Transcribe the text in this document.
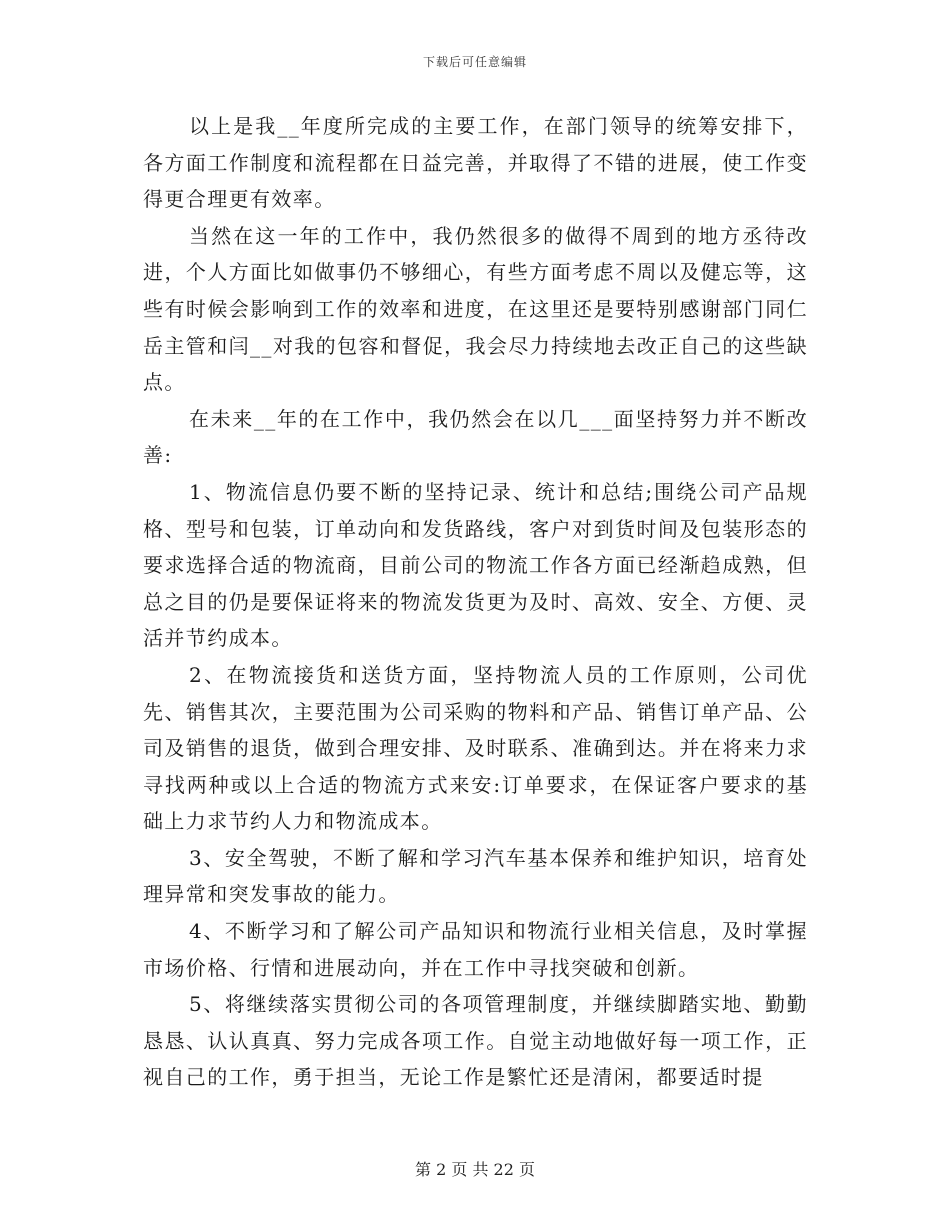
下载后可任意编辑

以上是我__年度所完成的主要工作，在部门领导的统筹安排下，各方面工作制度和流程都在日益完善，并取得了不错的进展，使工作变得更合理更有效率。

当然在这一年的工作中，我仍然很多的做得不周到的地方丞待改进，个人方面比如做事仍不够细心，有些方面考虑不周以及健忘等，这些有时候会影响到工作的效率和进度，在这里还是要特别感谢部门同仁岳主管和闫__对我的包容和督促，我会尽力持续地去改正自己的这些缺点。

在未来__年的在工作中，我仍然会在以几___面坚持努力并不断改善:

1、物流信息仍要不断的坚持记录、统计和总结;围绕公司产品规格、型号和包装，订单动向和发货路线，客户对到货时间及包装形态的要求选择合适的物流商，目前公司的物流工作各方面已经渐趋成熟，但总之目的仍是要保证将来的物流发货更为及时、高效、安全、方便、灵活并节约成本。

2、在物流接货和送货方面，坚持物流人员的工作原则，公司优先、销售其次，主要范围为公司采购的物料和产品、销售订单产品、公司及销售的退货，做到合理安排、及时联系、准确到达。并在将来力求寻找两种或以上合适的物流方式来安:订单要求，在保证客户要求的基础上力求节约人力和物流成本。

3、安全驾驶，不断了解和学习汽车基本保养和维护知识，培育处理异常和突发事故的能力。

4、不断学习和了解公司产品知识和物流行业相关信息，及时掌握市场价格、行情和进展动向，并在工作中寻找突破和创新。

5、将继续落实贯彻公司的各项管理制度，并继续脚踏实地、勤勤恳恳、认认真真、努力完成各项工作。自觉主动地做好每一项工作，正视自己的工作，勇于担当，无论工作是繁忙还是清闲，都要适时提

第 2 页 共 22 页
